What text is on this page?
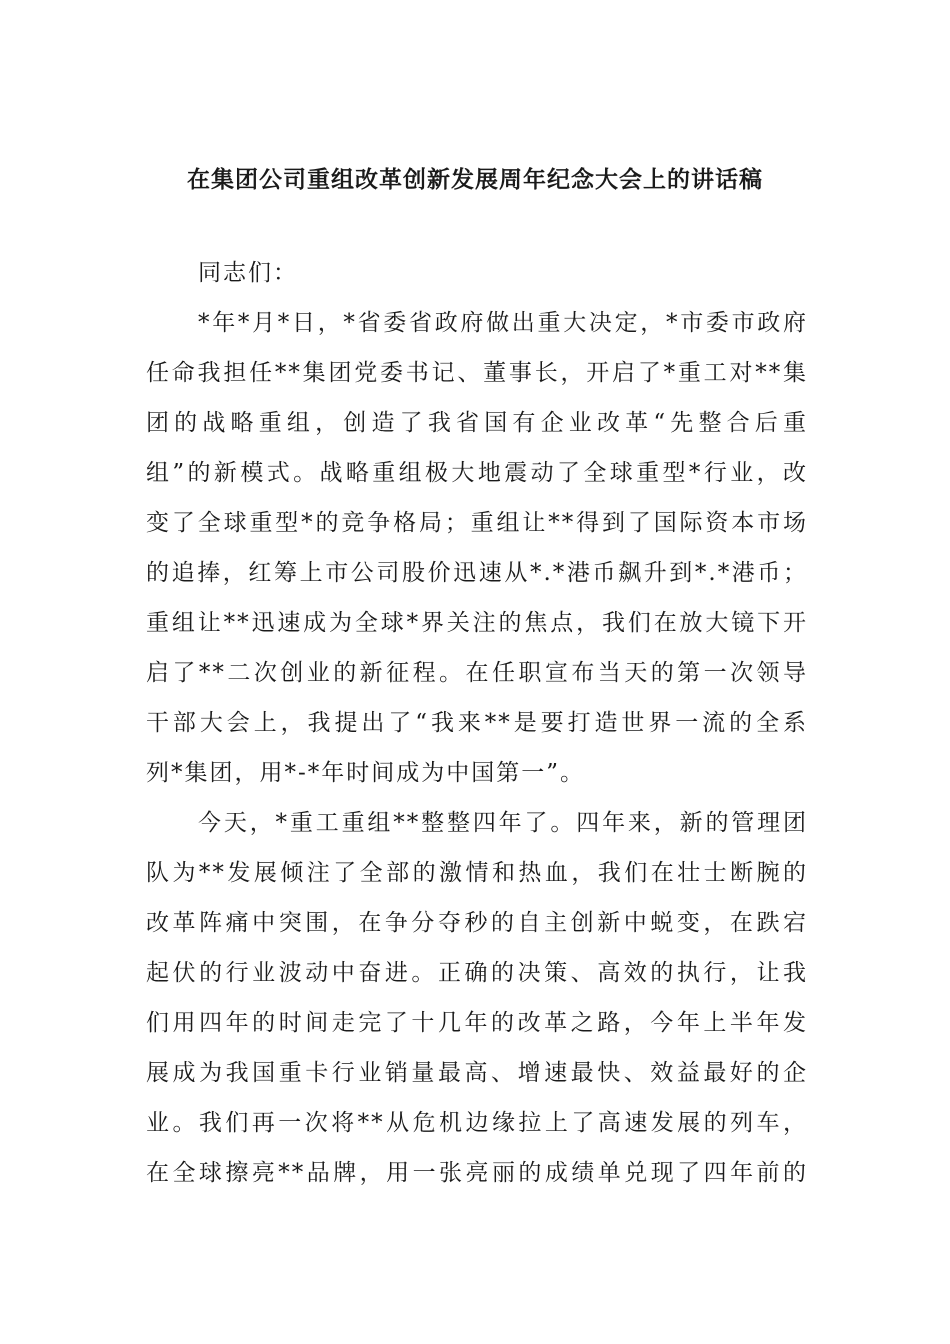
在集团公司重组改革创新发展周年纪念大会上的讲话稿

同志们：

*年*月*日，*省委省政府做出重大决定，*市委市政府
任命我担任**集团党委书记、董事长，开启了*重工对**集
团的战略重组，创造了我省国有企业改革“先整合后重
组”的新模式。战略重组极大地震动了全球重型*行业，改
变了全球重型*的竞争格局；重组让**得到了国际资本市场
的追捧，红筹上市公司股价迅速从*.*港币飙升到*.*港币；
重组让**迅速成为全球*界关注的焦点，我们在放大镜下开
启了**二次创业的新征程。在任职宣布当天的第一次领导
干部大会上，我提出了“我来**是要打造世界一流的全系
列*集团，用*-*年时间成为中国第一”。

今天，*重工重组**整整四年了。四年来，新的管理团
队为**发展倾注了全部的激情和热血，我们在壮士断腕的
改革阵痛中突围，在争分夺秒的自主创新中蜕变，在跌宕
起伏的行业波动中奋进。正确的决策、高效的执行，让我
们用四年的时间走完了十几年的改革之路，今年上半年发
展成为我国重卡行业销量最高、增速最快、效益最好的企
业。我们再一次将**从危机边缘拉上了高速发展的列车，
在全球擦亮**品牌，用一张亮丽的成绩单兑现了四年前的
